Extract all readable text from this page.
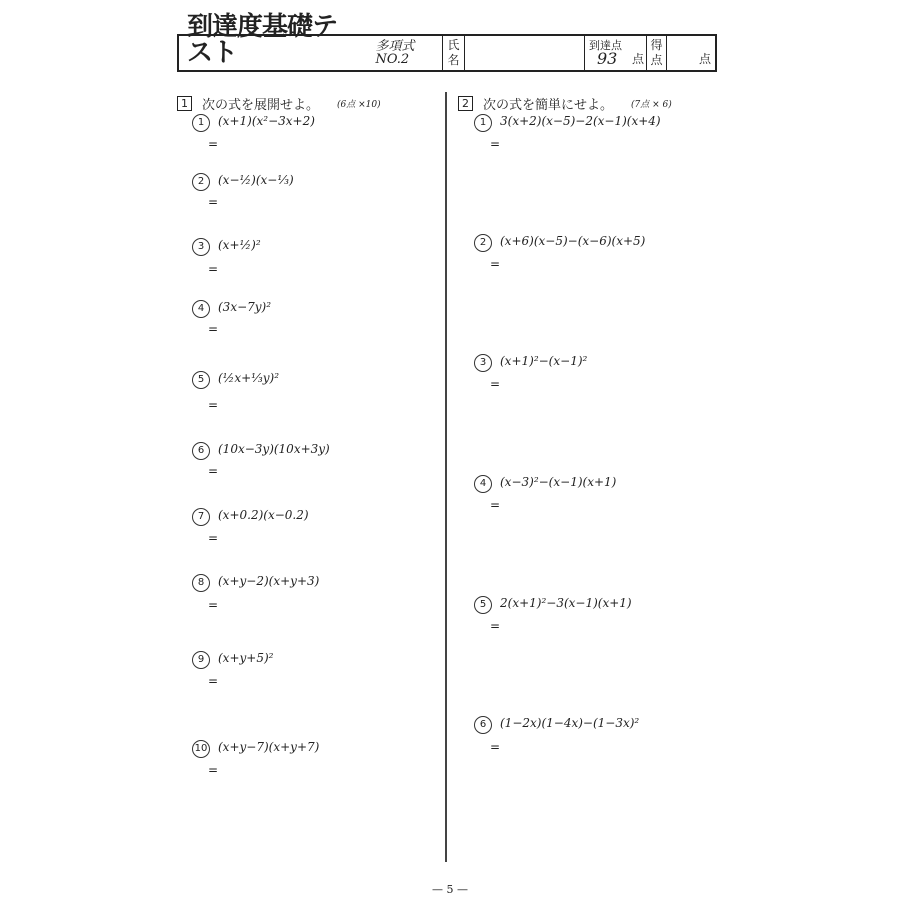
到達度基礎テスト	多項式 NO.2
氏
名
到達点
93 点
得
点	点
1	次の式を展開せよ。 (6点 ×10)	2	次の式を簡単にせよ。 (7点 × 6)
1 (x+1)(x²−3x+2)
=
2 (x−½)(x−⅓)
=
3 (x+½)²
=
4 (3x−7y)²
=
5 (½x+⅓y)²
=
6 (10x−3y)(10x+3y)
=
7 (x+0.2)(x−0.2)
=
8 (x+y−2)(x+y+3)
=
9 (x+y+5)²
=
10 (x+y−7)(x+y+7)
=
1 3(x+2)(x−5)−2(x−1)(x+4)
=
2 (x+6)(x−5)−(x−6)(x+5)
=
3 (x+1)²−(x−1)²
=
4 (x−3)²−(x−1)(x+1)
=
5 2(x+1)²−3(x−1)(x+1)
=
6 (1−2x)(1−4x)−(1−3x)²
=
— 5 —
